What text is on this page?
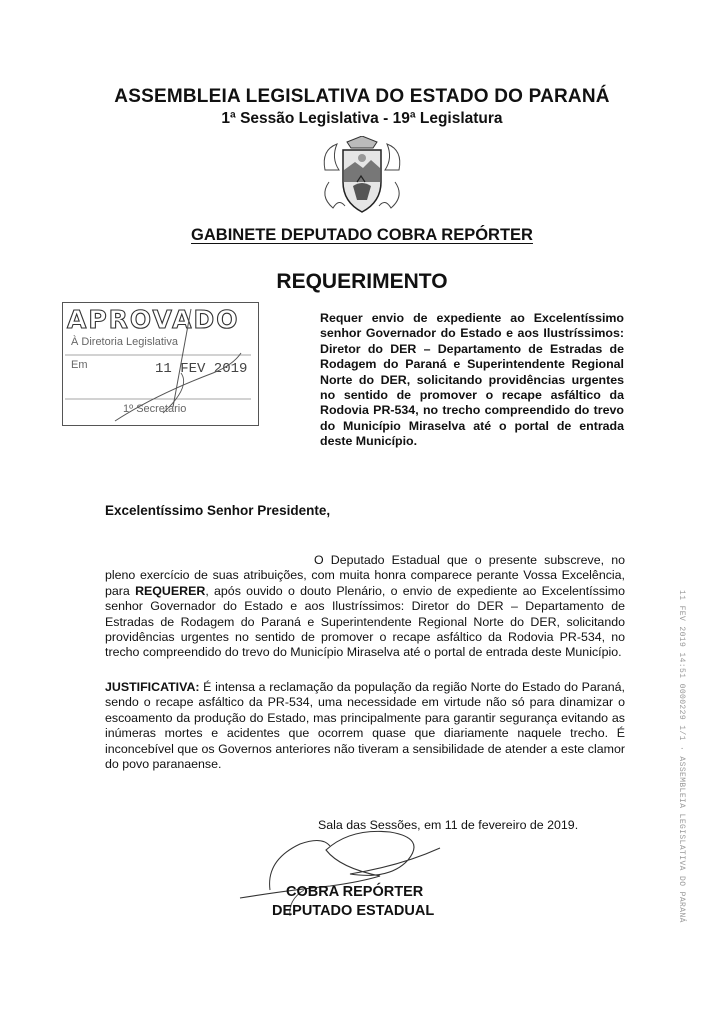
ASSEMBLEIA LEGISLATIVA DO ESTADO DO PARANÁ
1ª Sessão Legislativa - 19ª Legislatura
GABINETE DEPUTADO COBRA REPÓRTER
REQUERIMENTO
APROVADO
À Diretoria Legislativa
Em	11 FEV 2019
1º Secretário
Requer envio de expediente ao Excelentíssimo senhor Governador do Estado e aos Ilustríssimos: Diretor do DER – Departamento de Estradas de Rodagem do Paraná e Superintendente Regional Norte do DER, solicitando providências urgentes no sentido de promover o recape asfáltico da Rodovia PR-534, no trecho compreendido do trevo do Município Miraselva até o portal de entrada deste Município.
Excelentíssimo Senhor Presidente,
O Deputado Estadual que o presente subscreve, no pleno exercício de suas atribuições, com muita honra comparece perante Vossa Excelência, para REQUERER, após ouvido o douto Plenário, o envio de expediente ao Excelentíssimo senhor Governador do Estado e aos Ilustríssimos: Diretor do DER – Departamento de Estradas de Rodagem do Paraná e Superintendente Regional Norte do DER, solicitando providências urgentes no sentido de promover o recape asfáltico da Rodovia PR-534, no trecho compreendido do trevo do Município Miraselva até o portal de entrada deste Município.
JUSTIFICATIVA: É intensa a reclamação da população da região Norte do Estado do Paraná, sendo o recape asfáltico da PR-534, uma necessidade em virtude não só para dinamizar o escoamento da produção do Estado, mas principalmente para garantir segurança evitando as inúmeras mortes e acidentes que ocorrem quase que diariamente naquele trecho. É inconcebível que os Governos anteriores não tiveram a sensibilidade de atender a este clamor do povo paranaense.
Sala das Sessões, em 11 de fevereiro de 2019.
COBRA REPÓRTER
DEPUTADO ESTADUAL	11 FEV 2019 14:51 0000229 1/1 · ASSEMBLEIA LEGISLATIVA DO PARANÁ
